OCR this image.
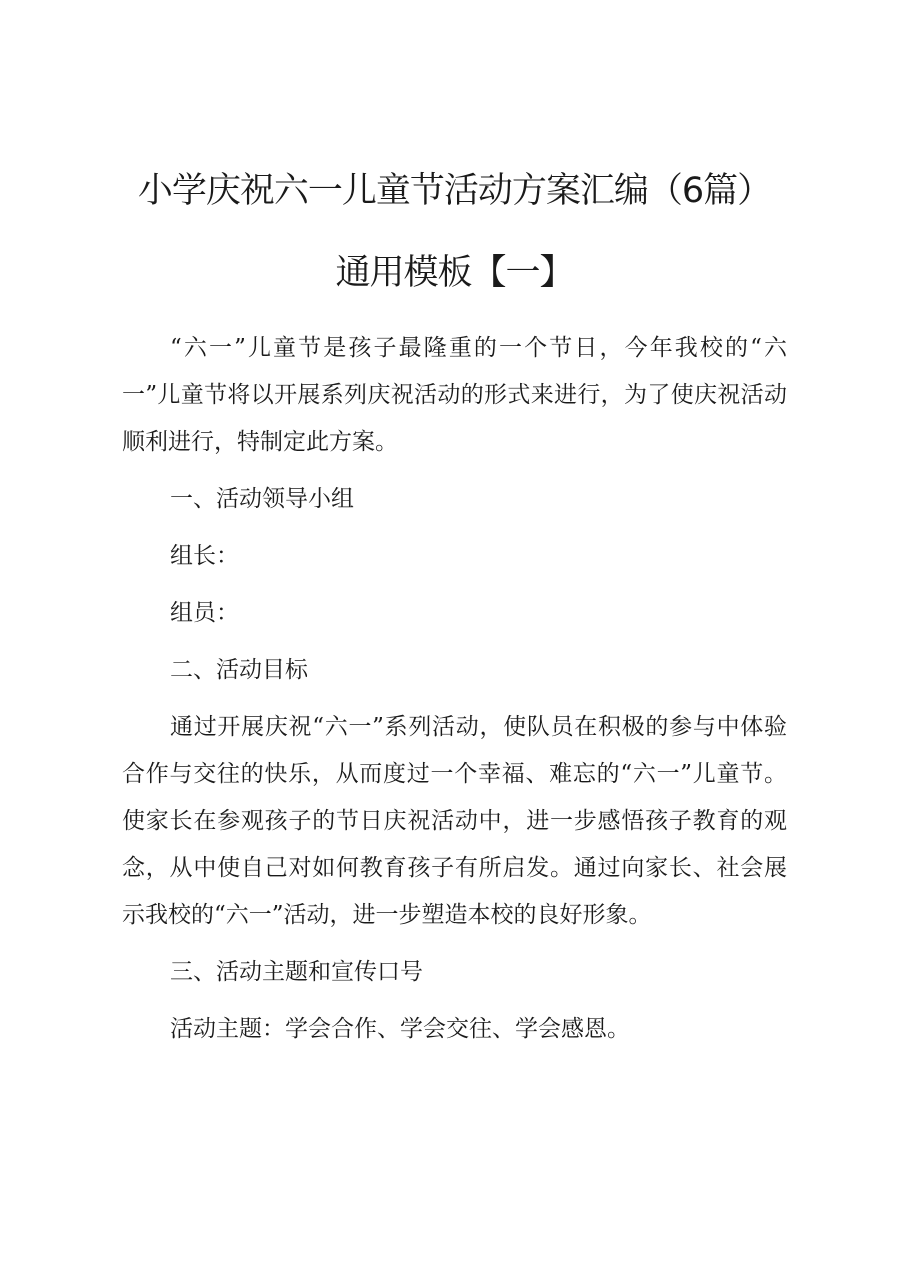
小学庆祝六一儿童节活动方案汇编（6篇）
通用模板【一】

“六一”儿童节是孩子最隆重的一个节日，今年我校的“六一”儿童节将以开展系列庆祝活动的形式来进行，为了使庆祝活动顺利进行，特制定此方案。

一、活动领导小组

组长：

组员：

二、活动目标

通过开展庆祝“六一”系列活动，使队员在积极的参与中体验合作与交往的快乐，从而度过一个幸福、难忘的“六一”儿童节。使家长在参观孩子的节日庆祝活动中，进一步感悟孩子教育的观念，从中使自己对如何教育孩子有所启发。通过向家长、社会展示我校的“六一”活动，进一步塑造本校的良好形象。

三、活动主题和宣传口号

活动主题：学会合作、学会交往、学会感恩。
